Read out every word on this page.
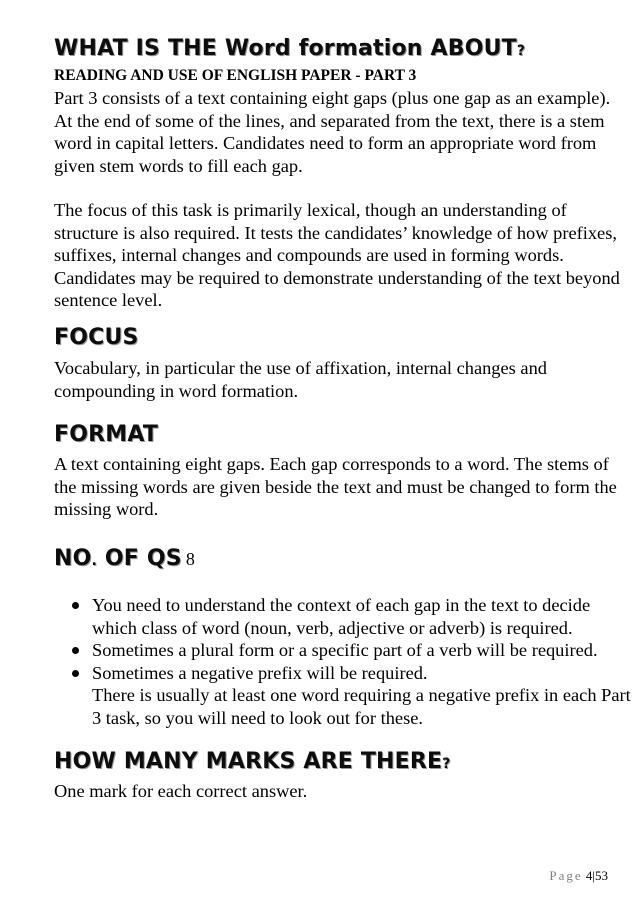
WHAT IS THE Word formation ABOUT?
READING AND USE OF ENGLISH PAPER - PART 3

Part 3 consists of a text containing eight gaps (plus one gap as an example). At the end of some of the lines, and separated from the text, there is a stem word in capital letters. Candidates need to form an appropriate word from given stem words to fill each gap.

The focus of this task is primarily lexical, though an understanding of structure is also required. It tests the candidates’ knowledge of how prefixes, suffixes, internal changes and compounds are used in forming words. Candidates may be required to demonstrate understanding of the text beyond sentence level.

FOCUS

Vocabulary, in particular the use of affixation, internal changes and compounding in word formation.

FORMAT

A text containing eight gaps. Each gap corresponds to a word. The stems of the missing words are given beside the text and must be changed to form the missing word.

NO. OF QS 8
You need to understand the context of each gap in the text to decide which class of word (noun, verb, adjective or adverb) is required.
Sometimes a plural form or a specific part of a verb will be required.
Sometimes a negative prefix will be required.
There is usually at least one word requiring a negative prefix in each Part 3 task, so you will need to look out for these.
HOW MANY MARKS ARE THERE?

One mark for each correct answer.

Page 4|53
